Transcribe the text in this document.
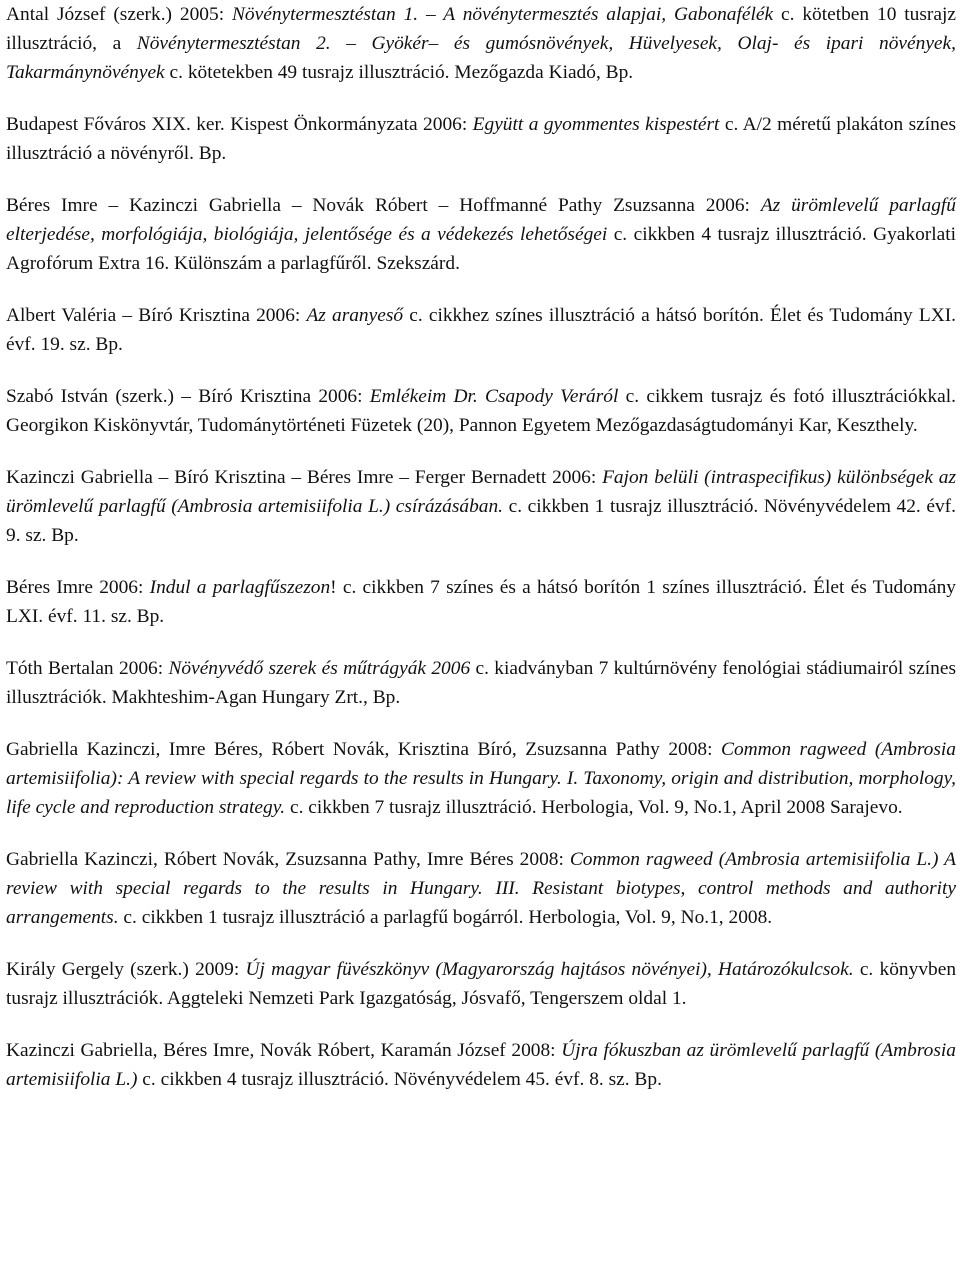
Antal József (szerk.) 2005: Növénytermesztéstan 1. – A növénytermesztés alapjai, Gabonafélék c. kötetben 10 tusrajz illusztráció, a Növénytermesztéstan 2. – Gyökér– és gumósnövények, Hüvelyesek, Olaj- és ipari növények, Takarmánynövények c. kötetekben 49 tusrajz illusztráció. Mezőgazda Kiadó, Bp.
Budapest Főváros XIX. ker. Kispest Önkormányzata 2006: Együtt a gyommentes kispestért c. A/2 méretű plakáton színes illusztráció a növényről. Bp.
Béres Imre – Kazinczi Gabriella – Novák Róbert – Hoffmanné Pathy Zsuzsanna 2006: Az ürömlevelű parlagfű elterjedése, morfológiája, biológiája, jelentősége és a védekezés lehetőségei c. cikkben 4 tusrajz illusztráció. Gyakorlati Agrofórum Extra 16. Különszám a parlagfűről. Szekszárd.
Albert Valéria – Bíró Krisztina 2006: Az aranyeső c. cikkhez színes illusztráció a hátsó borítón. Élet és Tudomány LXI. évf. 19. sz. Bp.
Szabó István (szerk.) – Bíró Krisztina 2006: Emlékeim Dr. Csapody Veráról c. cikkem tusrajz és fotó illusztrációkkal. Georgikon Kiskönyvtár, Tudománytörténeti Füzetek (20), Pannon Egyetem Mezőgazdaságtudományi Kar, Keszthely.
Kazinczi Gabriella – Bíró Krisztina – Béres Imre – Ferger Bernadett 2006: Fajon belüli (intraspecifikus) különbségek az ürömlevelű parlagfű (Ambrosia artemisiifolia L.) csírázásában. c. cikkben 1 tusrajz illusztráció. Növényvédelem 42. évf. 9. sz. Bp.
Béres Imre 2006: Indul a parlagfűszezon! c. cikkben 7 színes és a hátsó borítón 1 színes illusztráció. Élet és Tudomány LXI. évf. 11. sz. Bp.
Tóth Bertalan 2006: Növényvédő szerek és műtrágyák 2006 c. kiadványban 7 kultúrnövény fenológiai stádiumairól színes illusztrációk. Makhteshim-Agan Hungary Zrt., Bp.
Gabriella Kazinczi, Imre Béres, Róbert Novák, Krisztina Bíró, Zsuzsanna Pathy 2008: Common ragweed (Ambrosia artemisiifolia): A review with special regards to the results in Hungary. I. Taxonomy, origin and distribution, morphology, life cycle and reproduction strategy. c. cikkben 7 tusrajz illusztráció. Herbologia, Vol. 9, No.1, April 2008 Sarajevo.
Gabriella Kazinczi, Róbert Novák, Zsuzsanna Pathy, Imre Béres 2008: Common ragweed (Ambrosia artemisiifolia L.) A review with special regards to the results in Hungary. III. Resistant biotypes, control methods and authority arrangements. c. cikkben 1 tusrajz illusztráció a parlagfű bogárról. Herbologia, Vol. 9, No.1, 2008.
Király Gergely (szerk.) 2009: Új magyar füvészkönyv (Magyarország hajtásos növényei), Határozókulcsok. c. könyvben tusrajz illusztrációk. Aggteleki Nemzeti Park Igazgatóság, Jósvafő, Tengerszem oldal 1.
Kazinczi Gabriella, Béres Imre, Novák Róbert, Karamán József 2008: Újra fókuszban az ürömlevelű parlagfű (Ambrosia artemisiifolia L.) c. cikkben 4 tusrajz illusztráció. Növényvédelem 45. évf. 8. sz. Bp.
